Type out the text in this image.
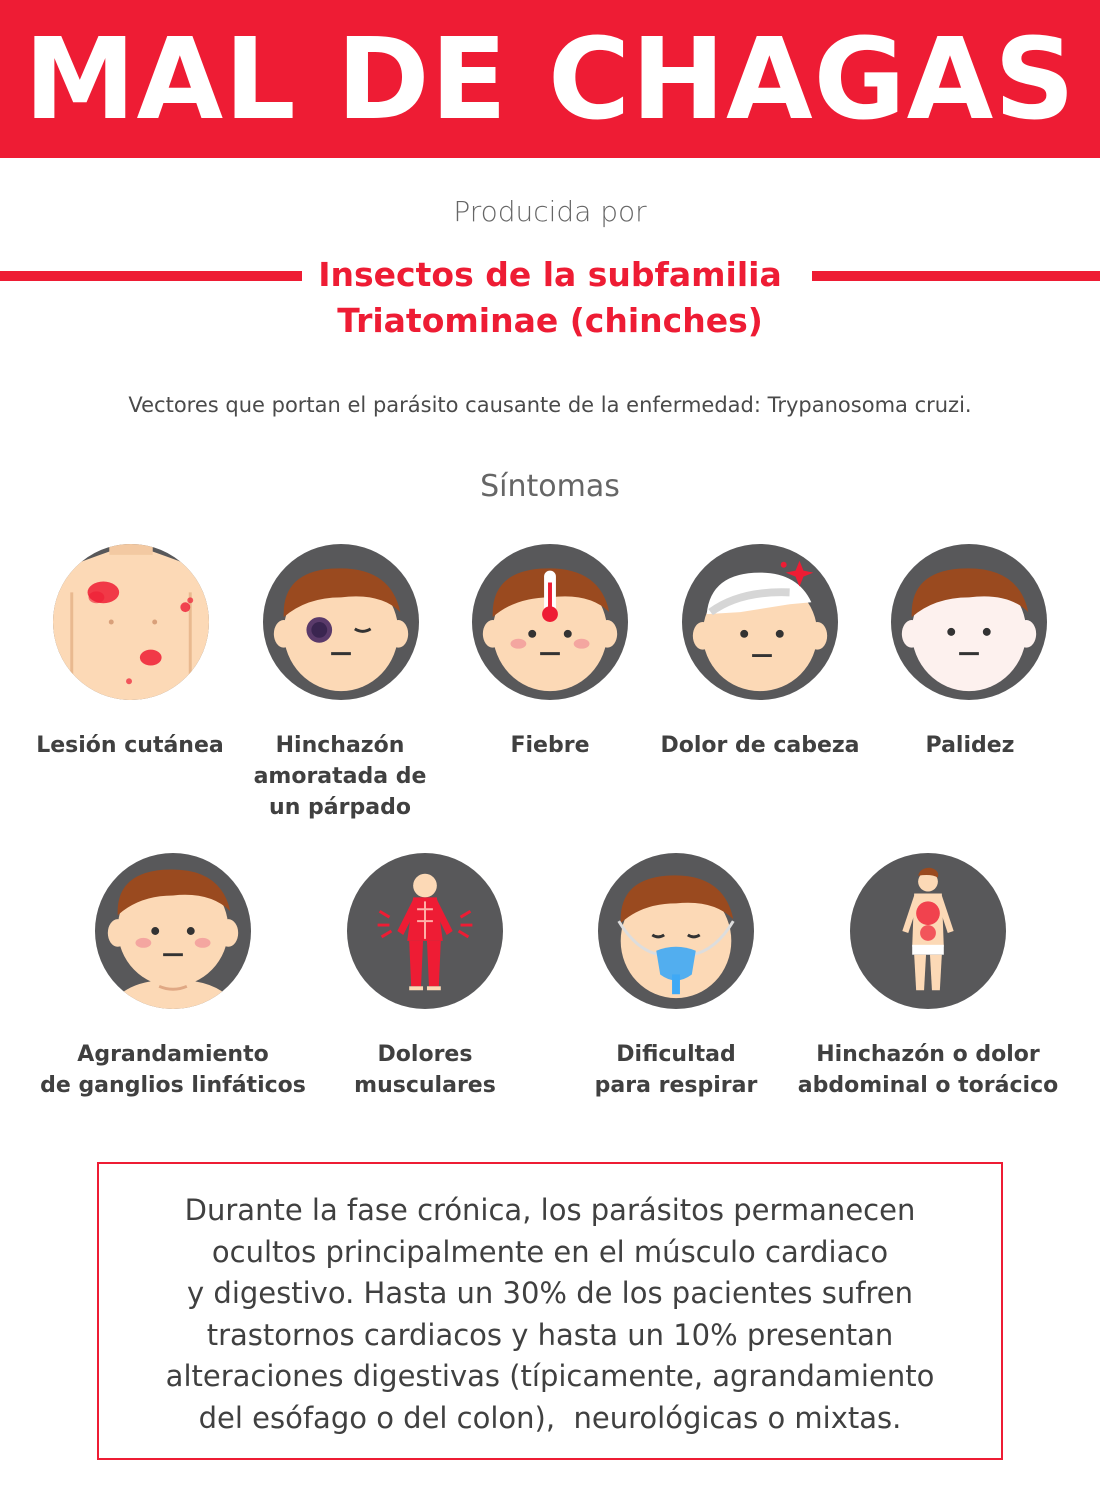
MAL DE CHAGAS
Producida por
Insectos de la subfamilia Triatominae (chinches)
Vectores que portan el parásito causante de la enfermedad: Trypanosoma cruzi.
Síntomas
Lesión cutánea	Hinchazón
amoratada de
un párpado
Fiebre	Dolor de cabeza	Palidez
Agrandamiento
de ganglios linfáticos
Dolores
musculares
Dificultad
para respirar
Hinchazón o dolor
abdominal o torácico
Durante la fase crónica, los parásitos permanecen
ocultos principalmente en el músculo cardiaco
y digestivo. Hasta un 30% de los pacientes sufren
trastornos cardiacos y hasta un 10% presentan
alteraciones digestivas (típicamente, agrandamiento
del esófago o del colon),  neurológicas o mixtas.
